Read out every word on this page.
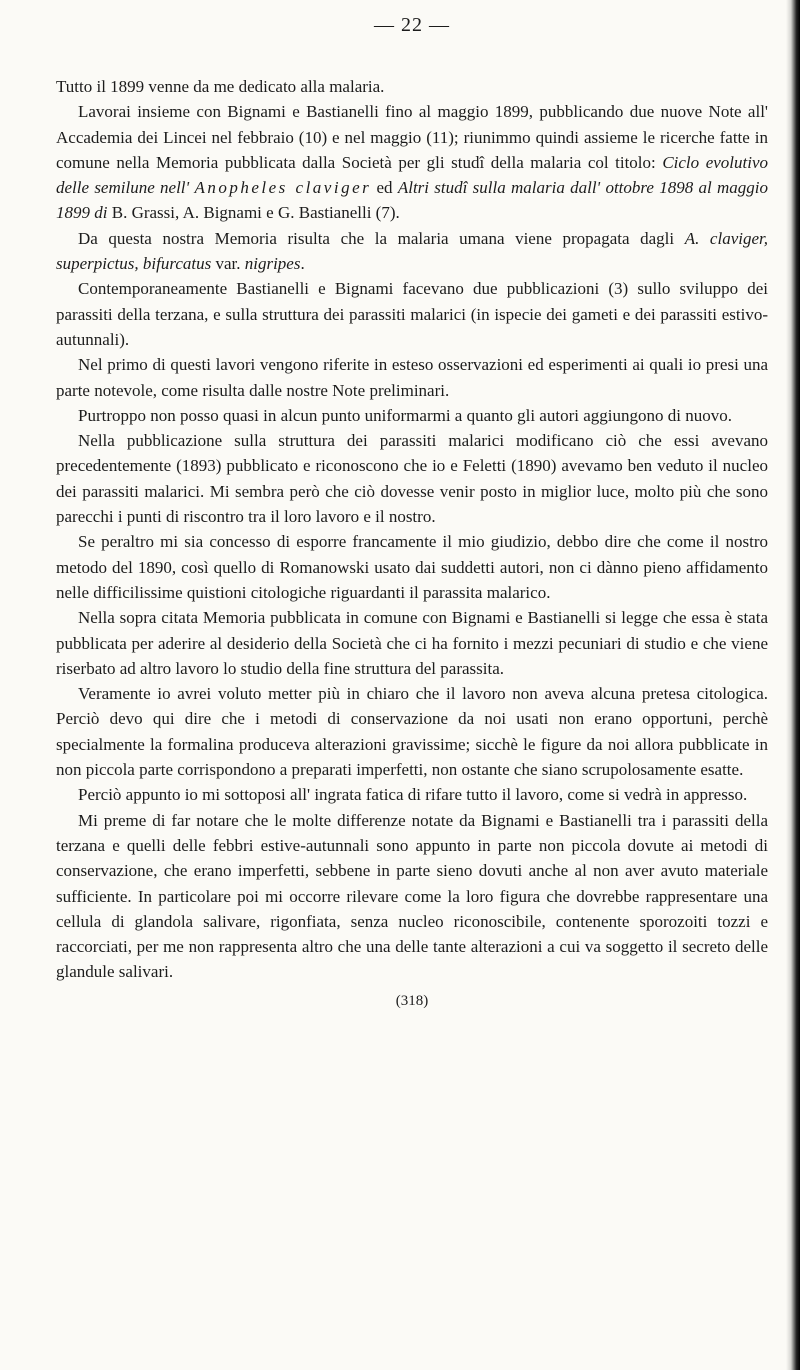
— 22 —

Tutto il 1899 venne da me dedicato alla malaria.

Lavorai insieme con Bignami e Bastianelli fino al maggio 1899, pubblicando due nuove Note all' Accademia dei Lincei nel febbraio (10) e nel maggio (11); riunimmo quindi assieme le ricerche fatte in comune nella Memoria pubblicata dalla Società per gli studî della malaria col titolo: Ciclo evolutivo delle semilune nell' Anopheles claviger ed Altri studî sulla malaria dall' ottobre 1898 al maggio 1899 di B. Grassi, A. Bignami e G. Bastianelli (7).

Da questa nostra Memoria risulta che la malaria umana viene propagata dagli A. claviger, superpictus, bifurcatus var. nigripes.

Contemporaneamente Bastianelli e Bignami facevano due pubblicazioni (3) sullo sviluppo dei parassiti della terzana, e sulla struttura dei parassiti malarici (in ispecie dei gameti e dei parassiti estivo-autunnali).

Nel primo di questi lavori vengono riferite in esteso osservazioni ed esperimenti ai quali io presi una parte notevole, come risulta dalle nostre Note preliminari.

Purtroppo non posso quasi in alcun punto uniformarmi a quanto gli autori aggiungono di nuovo.

Nella pubblicazione sulla struttura dei parassiti malarici modificano ciò che essi avevano precedentemente (1893) pubblicato e riconoscono che io e Feletti (1890) avevamo ben veduto il nucleo dei parassiti malarici. Mi sembra però che ciò dovesse venir posto in miglior luce, molto più che sono parecchi i punti di riscontro tra il loro lavoro e il nostro.

Se peraltro mi sia concesso di esporre francamente il mio giudizio, debbo dire che come il nostro metodo del 1890, così quello di Romanowski usato dai suddetti autori, non ci dànno pieno affidamento nelle difficilissime quistioni citologiche riguardanti il parassita malarico.

Nella sopra citata Memoria pubblicata in comune con Bignami e Bastianelli si legge che essa è stata pubblicata per aderire al desiderio della Società che ci ha fornito i mezzi pecuniari di studio e che viene riserbato ad altro lavoro lo studio della fine struttura del parassita.

Veramente io avrei voluto metter più in chiaro che il lavoro non aveva alcuna pretesa citologica. Perciò devo qui dire che i metodi di conservazione da noi usati non erano opportuni, perchè specialmente la formalina produceva alterazioni gravissime; sicchè le figure da noi allora pubblicate in non piccola parte corrispondono a preparati imperfetti, non ostante che siano scrupolosamente esatte.

Perciò appunto io mi sottoposi all' ingrata fatica di rifare tutto il lavoro, come si vedrà in appresso.

Mi preme di far notare che le molte differenze notate da Bignami e Bastianelli tra i parassiti della terzana e quelli delle febbri estive-autunnali sono appunto in parte non piccola dovute ai metodi di conservazione, che erano imperfetti, sebbene in parte sieno dovuti anche al non aver avuto materiale sufficiente. In particolare poi mi occorre rilevare come la loro figura che dovrebbe rappresentare una cellula di glandola salivare, rigonfiata, senza nucleo riconoscibile, contenente sporozoiti tozzi e raccorciati, per me non rappresenta altro che una delle tante alterazioni a cui va soggetto il secreto delle glandule salivari.

(318)
